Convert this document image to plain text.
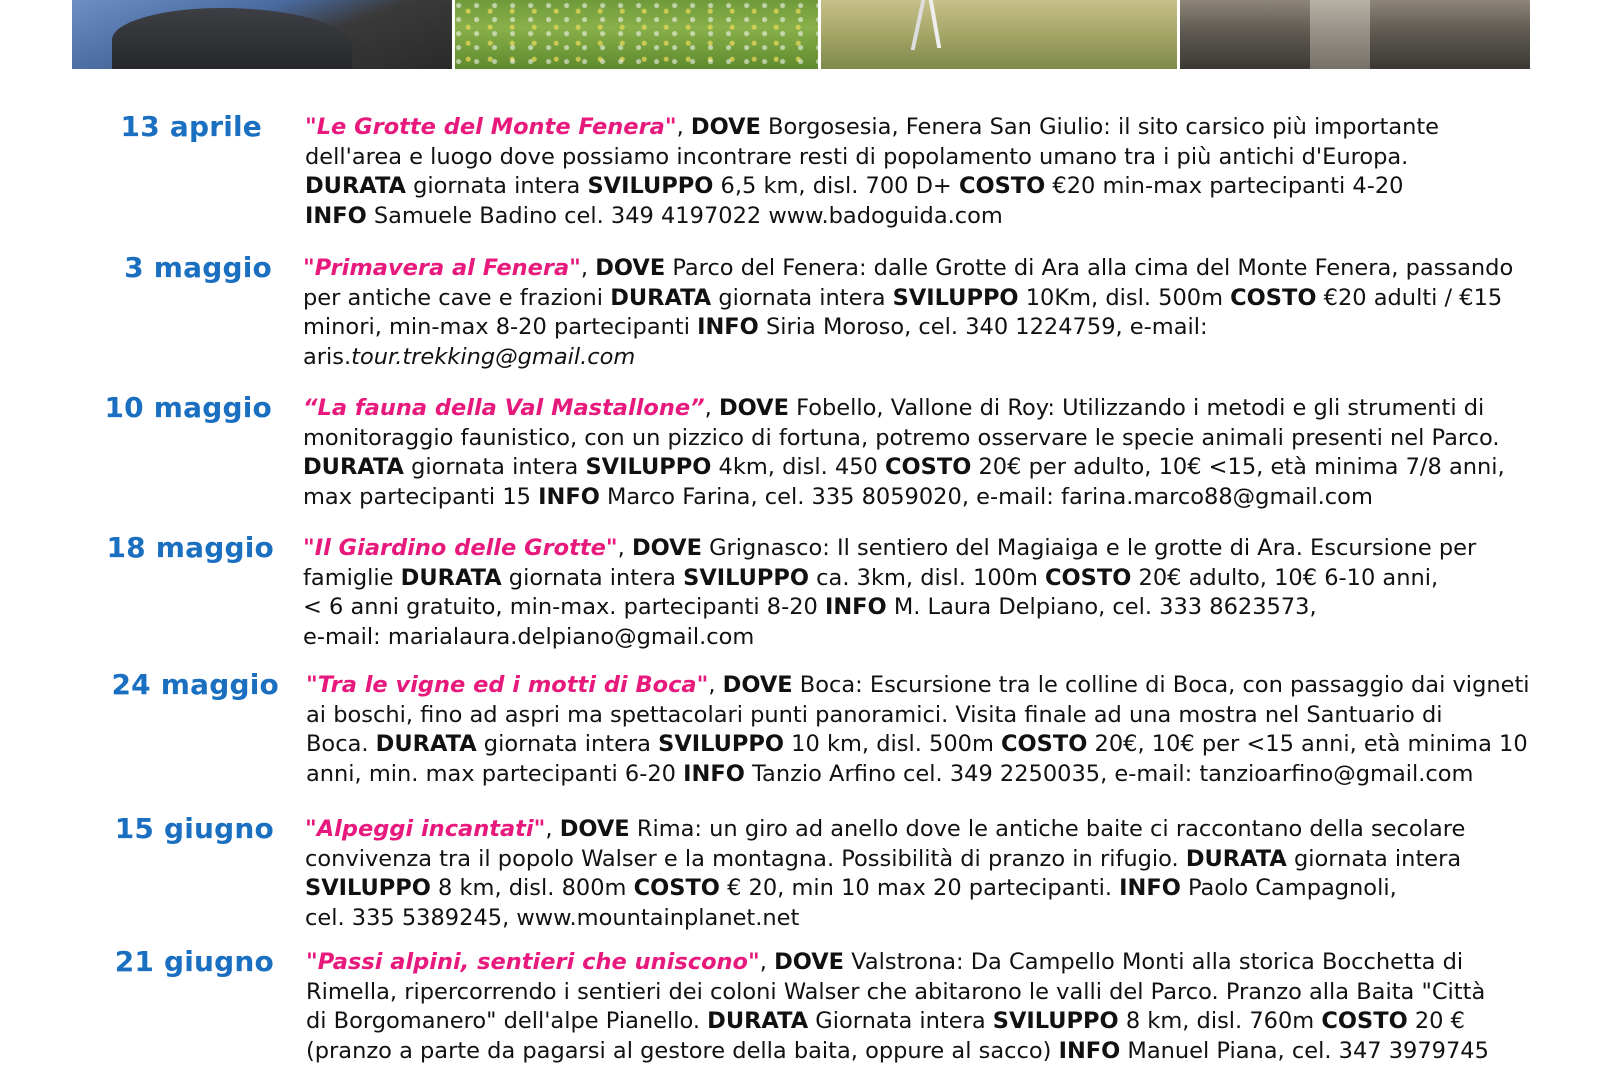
13 aprile "Le Grotte del Monte Fenera", DOVE Borgosesia, Fenera San Giulio: il sito carsico più importante
dell'area e luogo dove possiamo incontrare resti di popolamento umano tra i più antichi d'Europa.
DURATA giornata intera SVILUPPO 6,5 km, disl. 700 D+ COSTO €20 min-max partecipanti 4-20
INFO Samuele Badino cel. 349 4197022 www.badoguida.com
3 maggio "Primavera al Fenera", DOVE Parco del Fenera: dalle Grotte di Ara alla cima del Monte Fenera, passando
per antiche cave e frazioni DURATA giornata intera SVILUPPO 10Km, disl. 500m COSTO €20 adulti / €15
minori, min-max 8-20 partecipanti INFO Siria Moroso, cel. 340 1224759, e-mail:
aris.tour.trekking@gmail.com
10 maggio “La fauna della Val Mastallone”, DOVE Fobello, Vallone di Roy: Utilizzando i metodi e gli strumenti di
monitoraggio faunistico, con un pizzico di fortuna, potremo osservare le specie animali presenti nel Parco.
DURATA giornata intera SVILUPPO 4km, disl. 450 COSTO 20€ per adulto, 10€ <15, età minima 7/8 anni,
max partecipanti 15 INFO Marco Farina, cel. 335 8059020, e-mail: farina.marco88@gmail.com
18 maggio "Il Giardino delle Grotte", DOVE Grignasco: Il sentiero del Magiaiga e le grotte di Ara. Escursione per
famiglie DURATA giornata intera SVILUPPO ca. 3km, disl. 100m COSTO 20€ adulto, 10€ 6-10 anni,
< 6 anni gratuito, min-max. partecipanti 8-20 INFO M. Laura Delpiano, cel. 333 8623573,
e-mail: marialaura.delpiano@gmail.com
24 maggio "Tra le vigne ed i motti di Boca", DOVE Boca: Escursione tra le colline di Boca, con passaggio dai vigneti
ai boschi, fino ad aspri ma spettacolari punti panoramici. Visita finale ad una mostra nel Santuario di
Boca. DURATA giornata intera SVILUPPO 10 km, disl. 500m COSTO 20€, 10€ per <15 anni, età minima 10
anni, min. max partecipanti 6-20 INFO Tanzio Arfino cel. 349 2250035, e-mail: tanzioarfino@gmail.com
15 giugno "Alpeggi incantati", DOVE Rima: un giro ad anello dove le antiche baite ci raccontano della secolare
convivenza tra il popolo Walser e la montagna. Possibilità di pranzo in rifugio. DURATA giornata intera
SVILUPPO 8 km, disl. 800m COSTO € 20, min 10 max 20 partecipanti. INFO Paolo Campagnoli,
cel. 335 5389245, www.mountainplanet.net
21 giugno "Passi alpini, sentieri che uniscono", DOVE Valstrona: Da Campello Monti alla storica Bocchetta di
Rimella, ripercorrendo i sentieri dei coloni Walser che abitarono le valli del Parco. Pranzo alla Baita "Città
di Borgomanero" dell'alpe Pianello. DURATA Giornata intera SVILUPPO 8 km, disl. 760m COSTO 20 €
(pranzo a parte da pagarsi al gestore della baita, oppure al sacco) INFO Manuel Piana, cel. 347 3979745
